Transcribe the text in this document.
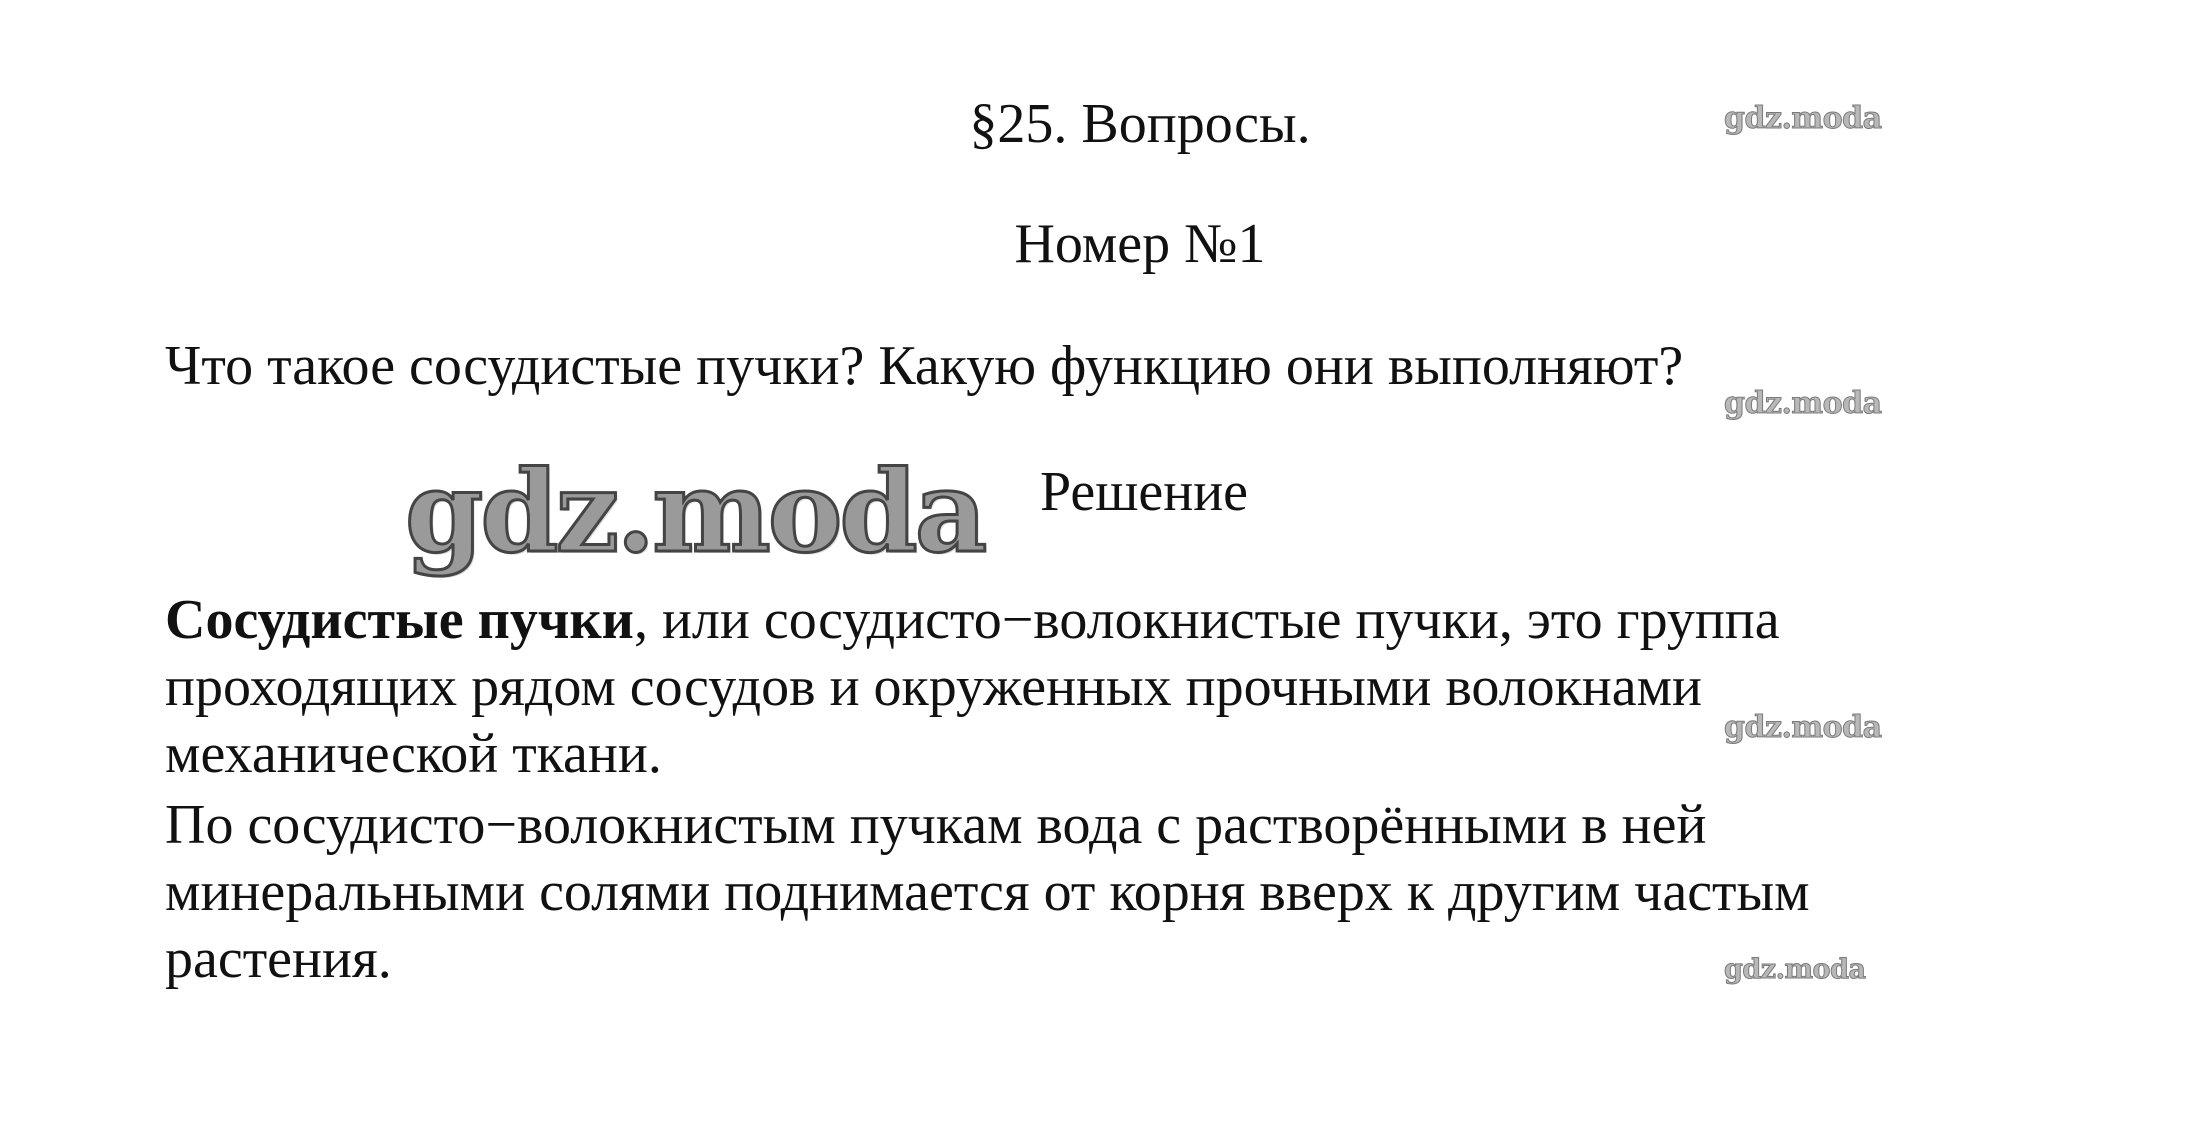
§25. Вопросы.

Номер №1

Что такое сосудистые пучки? Какую функцию они выполняют?

Решение

Сосудистые пучки, или сосудисто−волокнистые пучки, это группа

проходящих рядом сосудов и окруженных прочными волокнами

механической ткани.

По сосудисто−волокнистым пучкам вода с растворёнными в ней

минеральными солями поднимается от корня вверх к другим частым

растения.

gdz.moda
gdz.moda
gdz.moda
gdz.moda
gdz.moda
